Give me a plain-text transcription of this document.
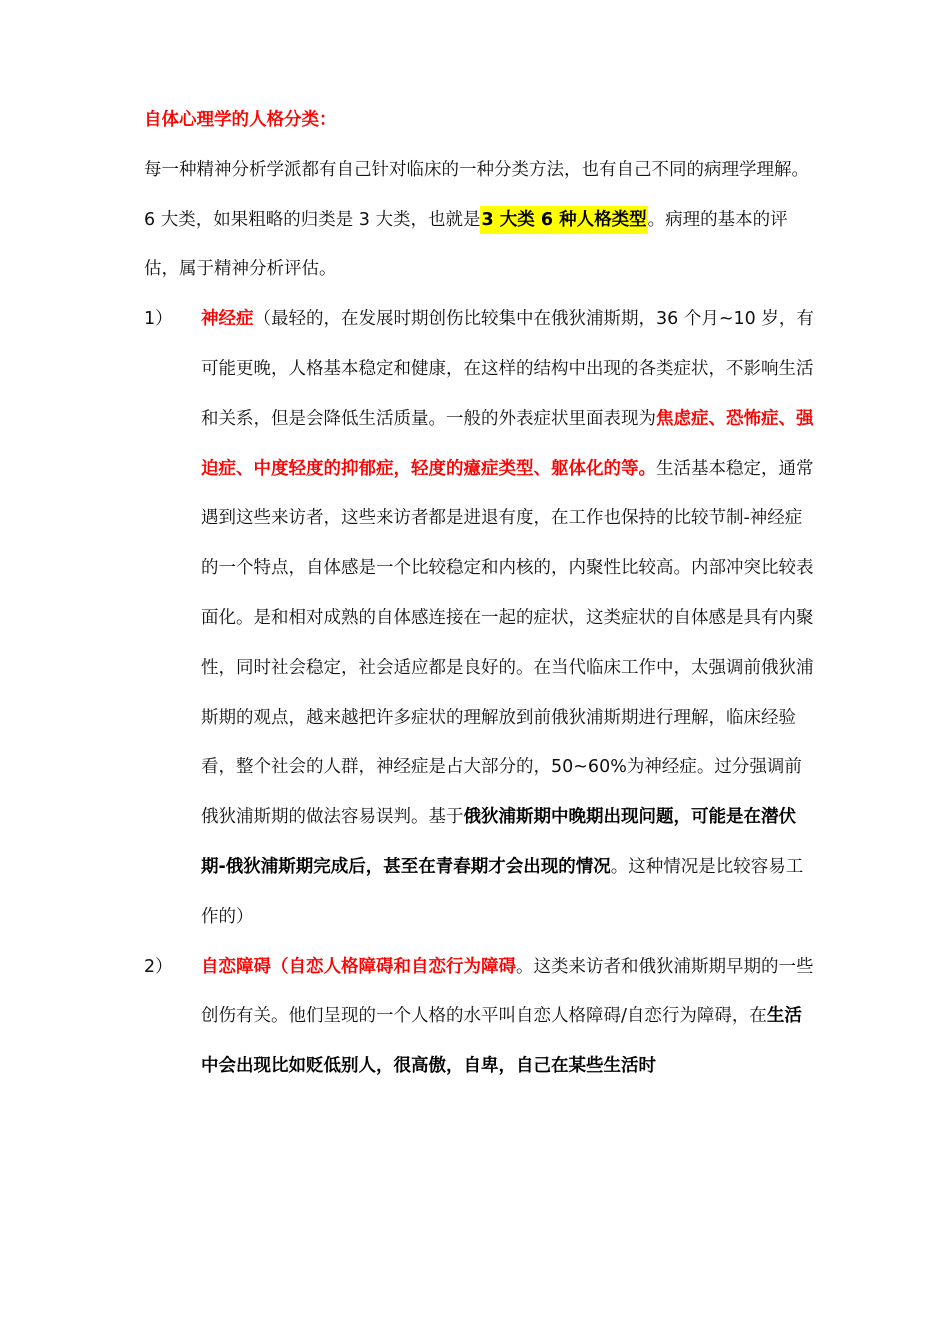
自体心理学的人格分类：

每一种精神分析学派都有自己针对临床的一种分类方法，也有自己不同的病理学理解。

6 大类，如果粗略的归类是 3 大类，也就是3 大类 6 种人格类型。病理的基本的评估，属于精神分析评估。

1） 神经症（最轻的，在发展时期创伤比较集中在俄狄浦斯期，36 个月~10 岁，有可能更晚，人格基本稳定和健康，在这样的结构中出现的各类症状，不影响生活和关系，但是会降低生活质量。一般的外表症状里面表现为焦虑症、恐怖症、强迫症、中度轻度的抑郁症，轻度的癔症类型、躯体化的等。生活基本稳定，通常遇到这些来访者，这些来访者都是进退有度，在工作也保持的比较节制-神经症的一个特点，自体感是一个比较稳定和内核的，内聚性比较高。内部冲突比较表面化。是和相对成熟的自体感连接在一起的症状，这类症状的自体感是具有内聚性，同时社会稳定，社会适应都是良好的。在当代临床工作中，太强调前俄狄浦斯期的观点，越来越把许多症状的理解放到前俄狄浦斯期进行理解，临床经验看，整个社会的人群，神经症是占大部分的，50~60%为神经症。过分强调前俄狄浦斯期的做法容易误判。基于俄狄浦斯期中晚期出现问题，可能是在潜伏期-俄狄浦斯期完成后，甚至在青春期才会出现的情况。这种情况是比较容易工作的）

2） 自恋障碍（自恋人格障碍和自恋行为障碍。这类来访者和俄狄浦斯期早期的一些创伤有关。他们呈现的一个人格的水平叫自恋人格障碍/自恋行为障碍，在生活中会出现比如贬低别人，很高傲，自卑，自己在某些生活时
